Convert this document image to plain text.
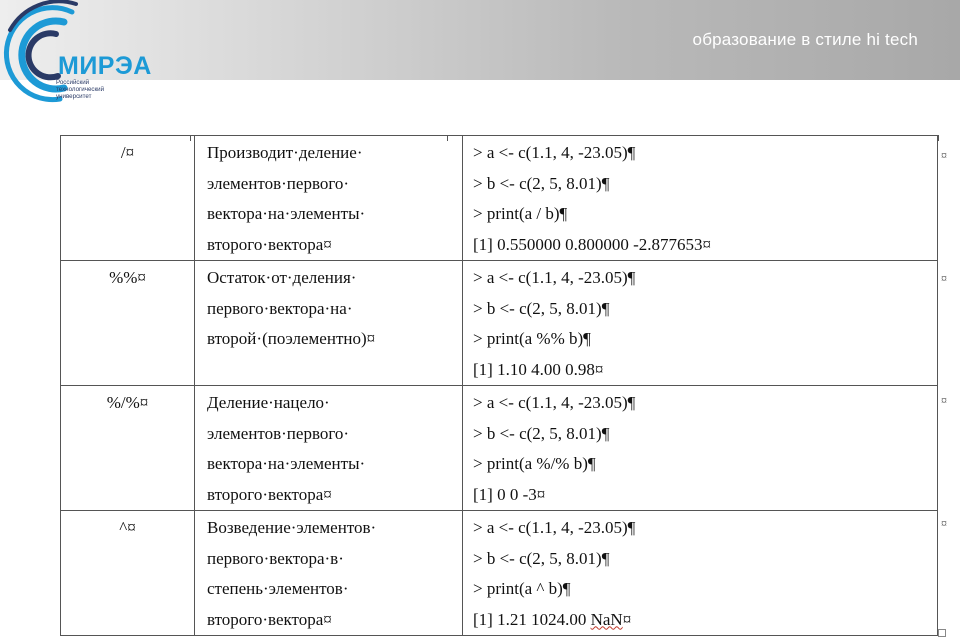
МИРЭА
Российский
технологический
университет
образование в стиле hi tech
/¤	Производит·деление·
элементов·первого·
вектора·на·элементы·
второго·вектора¤	> a <- c(1.1, 4, -23.05)¶
> b <- c(2, 5, 8.01)¶
> print(a / b)¶
[1] 0.550000 0.800000 -2.877653¤

%%¤	Остаток·от·деления·
первого·вектора·на·
второй·(поэлементно)¤	> a <- c(1.1, 4, -23.05)¶
> b <- c(2, 5, 8.01)¶
> print(a %% b)¶
[1] 1.10 4.00 0.98¤

%/%¤	Деление·нацело·
элементов·первого·
вектора·на·элементы·
второго·вектора¤	> a <- c(1.1, 4, -23.05)¶
> b <- c(2, 5, 8.01)¶
> print(a %/% b)¶
[1] 0 0 -3¤

^¤	Возведение·элементов·
первого·вектора·в·
степень·элементов·
второго·вектора¤	> a <- c(1.1, 4, -23.05)¶
> b <- c(2, 5, 8.01)¶
> print(a ^ b)¶
[1] 1.21 1024.00 NaN¤
¤
¤
¤
¤
